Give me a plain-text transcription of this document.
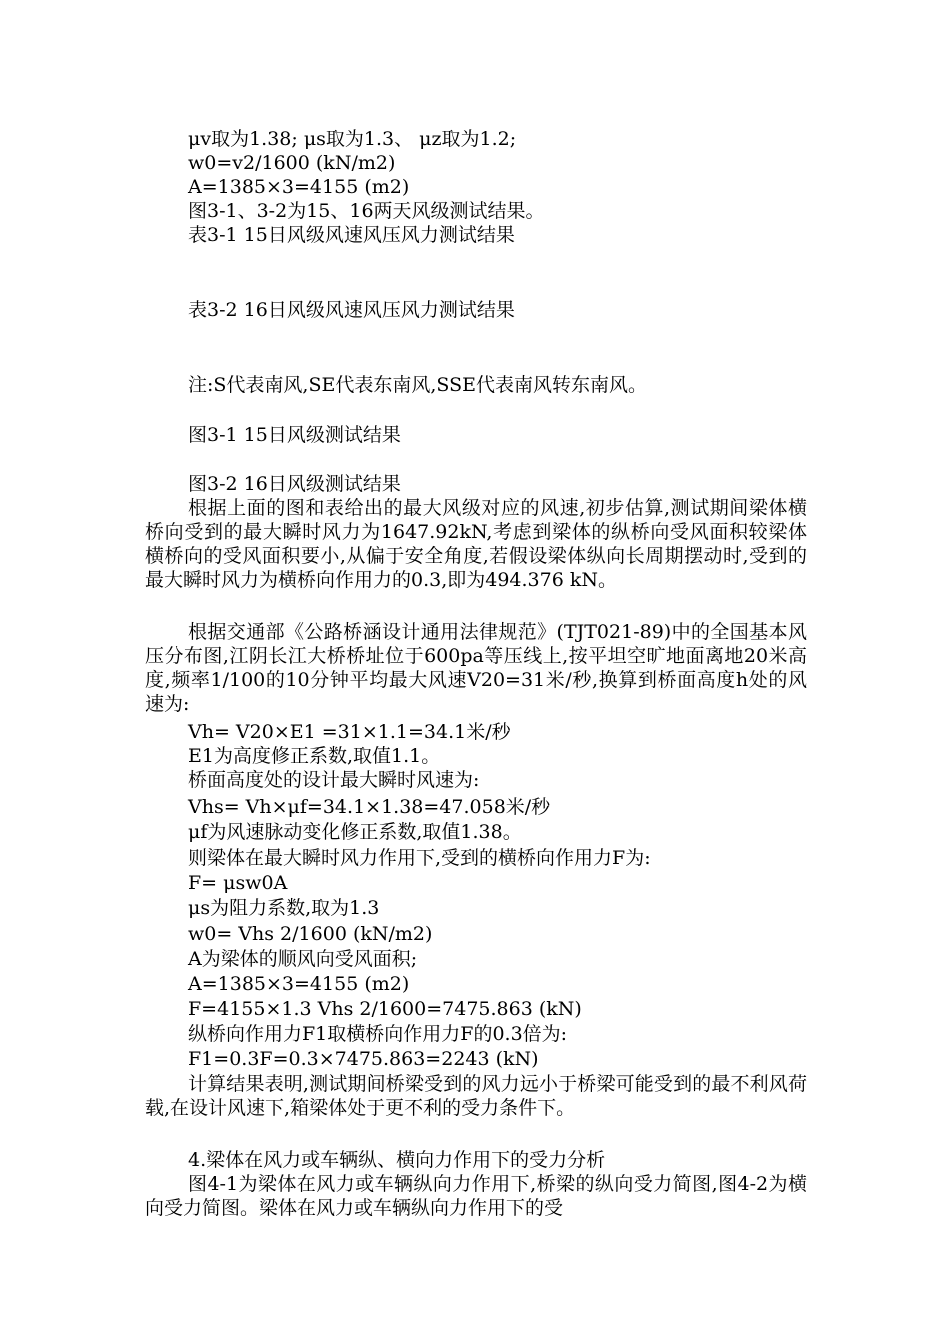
μv取为1.38; μs取为1.3、 μz取为1.2;
w0=v2/1600 (kN/m2)
A=1385×3=4155 (m2)
图3-1、3-2为15、16两天风级测试结果。
表3-1 15日风级风速风压风力测试结果
表3-2 16日风级风速风压风力测试结果
注:S代表南风,SE代表东南风,SSE代表南风转东南风。
图3-1 15日风级测试结果
图3-2 16日风级测试结果
根据上面的图和表给出的最大风级对应的风速,初步估算,测试期间梁体横桥向受到的最大瞬时风力为1647.92kN,考虑到梁体的纵桥向受风面积较梁体横桥向的受风面积要小,从偏于安全角度,若假设梁体纵向长周期摆动时,受到的最大瞬时风力为横桥向作用力的0.3,即为494.376 kN。
根据交通部《公路桥涵设计通用法律规范》(TJT021-89)中的全国基本风压分布图,江阴长江大桥桥址位于600pa等压线上,按平坦空旷地面离地20米高度,频率1/100的10分钟平均最大风速V20=31米/秒,换算到桥面高度h处的风速为:
Vh= V20×E1 =31×1.1=34.1米/秒
E1为高度修正系数,取值1.1。
桥面高度处的设计最大瞬时风速为:
Vhs= Vh×μf=34.1×1.38=47.058米/秒
μf为风速脉动变化修正系数,取值1.38。
则梁体在最大瞬时风力作用下,受到的横桥向作用力F为:
F= μsw0A
μs为阻力系数,取为1.3
w0= Vhs 2/1600 (kN/m2)
A为梁体的顺风向受风面积;
A=1385×3=4155 (m2)
F=4155×1.3 Vhs 2/1600=7475.863 (kN)
纵桥向作用力F1取横桥向作用力F的0.3倍为:
F1=0.3F=0.3×7475.863=2243 (kN)
计算结果表明,测试期间桥梁受到的风力远小于桥梁可能受到的最不利风荷载,在设计风速下,箱梁体处于更不利的受力条件下。
4.梁体在风力或车辆纵、横向力作用下的受力分析
图4-1为梁体在风力或车辆纵向力作用下,桥梁的纵向受力简图,图4-2为横向受力简图。梁体在风力或车辆纵向力作用下的受
